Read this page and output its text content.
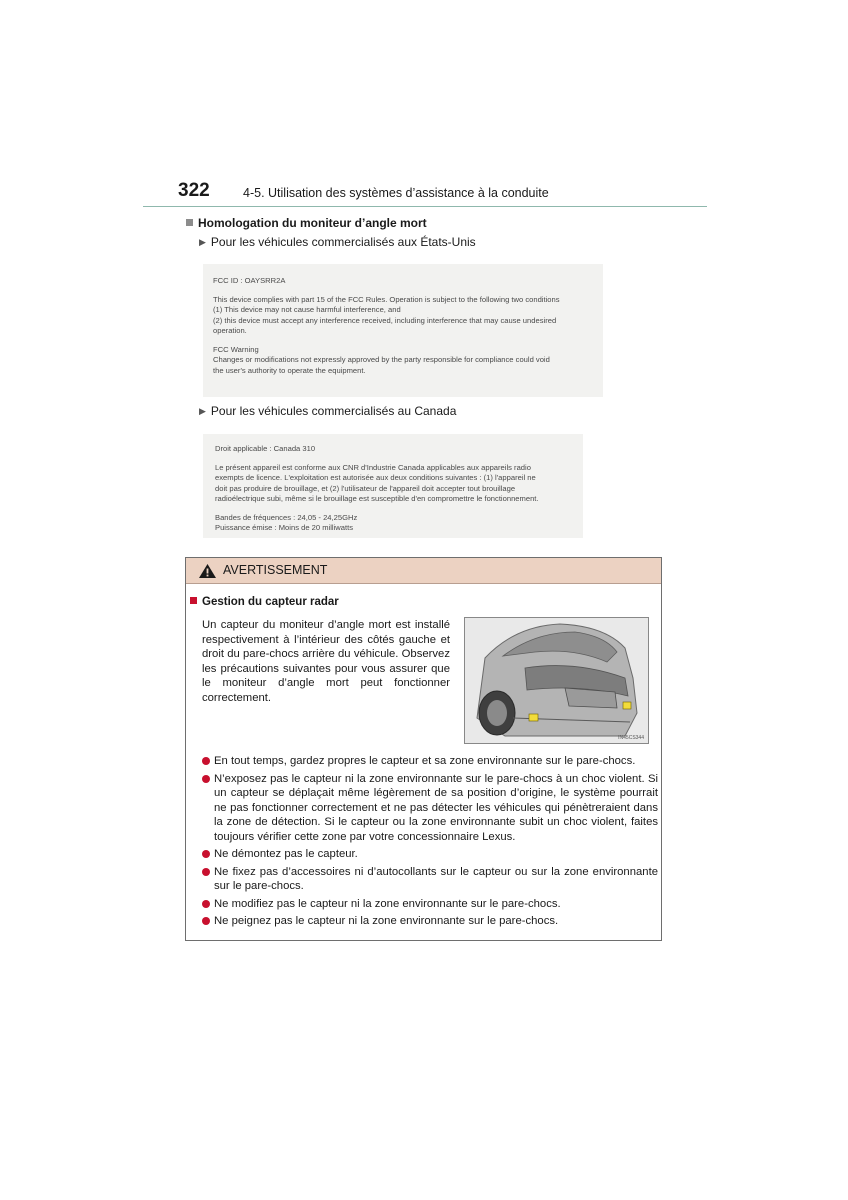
322	4-5. Utilisation des systèmes d’assistance à la conduite
Homologation du moniteur d’angle mort
▶ Pour les véhicules commercialisés aux États-Unis
FCC ID : OAYSRR2A
This device complies with part 15 of the FCC Rules. Operation is subject to the following two conditions
(1) This device may not cause harmful interference, and
(2) this device must accept any interference received, including interference that may cause undesired
operation.
FCC Warning
Changes or modifications not expressly approved by the party responsible for compliance could void
the user's authority to operate the equipment.
▶ Pour les véhicules commercialisés au Canada
Droit applicable : Canada 310
Le présent appareil est conforme aux CNR d'Industrie Canada applicables aux appareils radio
exempts de licence. L'exploitation est autorisée aux deux conditions suivantes : (1) l'appareil ne
doit pas produire de brouillage, et (2) l'utilisateur de l'appareil doit accepter tout brouillage
radioélectrique subi, même si le brouillage est susceptible d'en compromettre le fonctionnement.
Bandes de fréquences : 24,05 - 24,25GHz
Puissance émise : Moins de 20 milliwatts
AVERTISSEMENT
Gestion du capteur radar
Un capteur du moniteur d’angle mort est installé respectivement à l’intérieur des côtés gauche et droit du pare-chocs arrière du véhicule. Observez les précautions suivantes pour vous assurer que le moniteur d’angle mort peut fonctionner correctement.
IN45CS344
En tout temps, gardez propres le capteur et sa zone environnante sur le pare-chocs.
N’exposez pas le capteur ni la zone environnante sur le pare-chocs à un choc violent. Si un capteur se déplaçait même légèrement de sa position d’origine, le système pourrait ne pas fonctionner correctement et ne pas détecter les véhicules qui pénètreraient dans la zone de détection. Si le capteur ou la zone environnante subit un choc violent, faites toujours vérifier cette zone par votre concessionnaire Lexus.
Ne démontez pas le capteur.
Ne fixez pas d’accessoires ni d’autocollants sur le capteur ou sur la zone environnante sur le pare-chocs.
Ne modifiez pas le capteur ni la zone environnante sur le pare-chocs.
Ne peignez pas le capteur ni la zone environnante sur le pare-chocs.
